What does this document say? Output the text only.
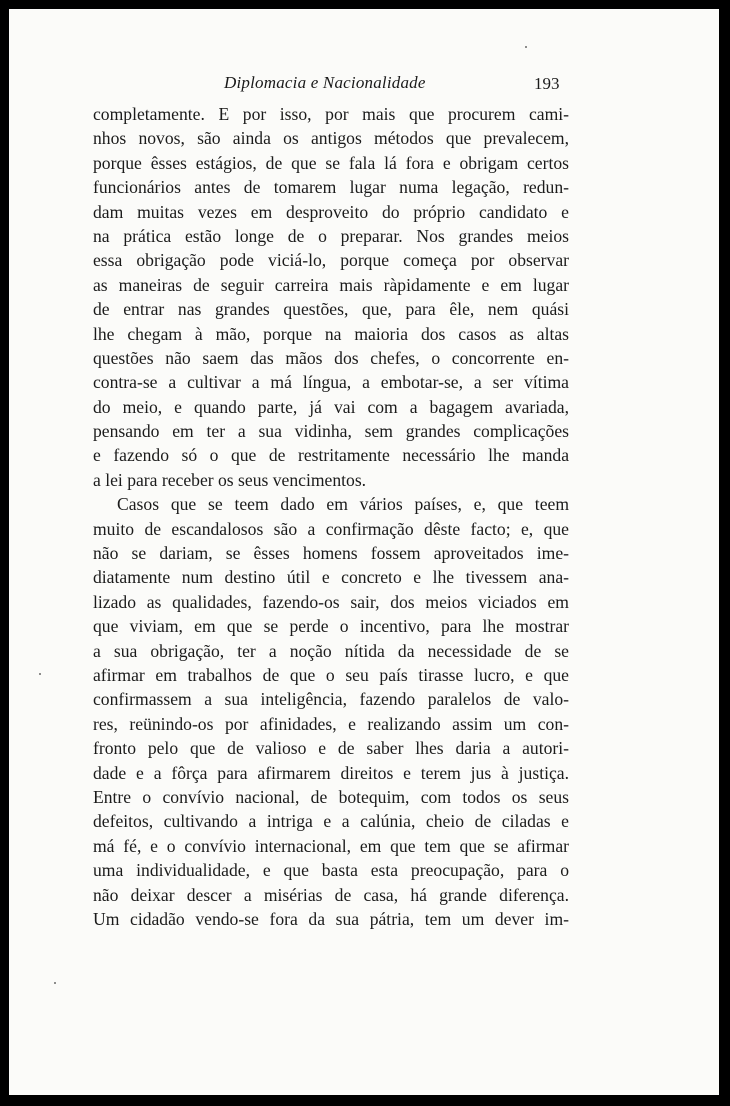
Diplomacia e Nacionalidade	193
completamente. E por isso, por mais que procurem cami-
nhos novos, são ainda os antigos métodos que prevalecem,
porque êsses estágios, de que se fala lá fora e obrigam certos
funcionários antes de tomarem lugar numa legação, redun-
dam muitas vezes em desproveito do próprio candidato e
na prática estão longe de o preparar. Nos grandes meios
essa obrigação pode viciá-lo, porque começa por observar
as maneiras de seguir carreira mais ràpidamente e em lugar
de entrar nas grandes questões, que, para êle, nem quási
lhe chegam à mão, porque na maioria dos casos as altas
questões não saem das mãos dos chefes, o concorrente en-
contra-se a cultivar a má língua, a embotar-se, a ser vítima
do meio, e quando parte, já vai com a bagagem avariada,
pensando em ter a sua vidinha, sem grandes complicações
e fazendo só o que de restritamente necessário lhe manda
a lei para receber os seus vencimentos.
Casos que se teem dado em vários países, e, que teem
muito de escandalosos são a confirmação dêste facto; e, que
não se dariam, se êsses homens fossem aproveitados ime-
diatamente num destino útil e concreto e lhe tivessem ana-
lizado as qualidades, fazendo-os sair, dos meios viciados em
que viviam, em que se perde o incentivo, para lhe mostrar
a sua obrigação, ter a noção nítida da necessidade de se
afirmar em trabalhos de que o seu país tirasse lucro, e que
confirmassem a sua inteligência, fazendo paralelos de valo-
res, reünindo-os por afinidades, e realizando assim um con-
fronto pelo que de valioso e de saber lhes daria a autori-
dade e a fôrça para afirmarem direitos e terem jus à justiça.
Entre o convívio nacional, de botequim, com todos os seus
defeitos, cultivando a intriga e a calúnia, cheio de ciladas e
má fé, e o convívio internacional, em que tem que se afirmar
uma individualidade, e que basta esta preocupação, para o
não deixar descer a misérias de casa, há grande diferença.
Um cidadão vendo-se fora da sua pátria, tem um dever im-
